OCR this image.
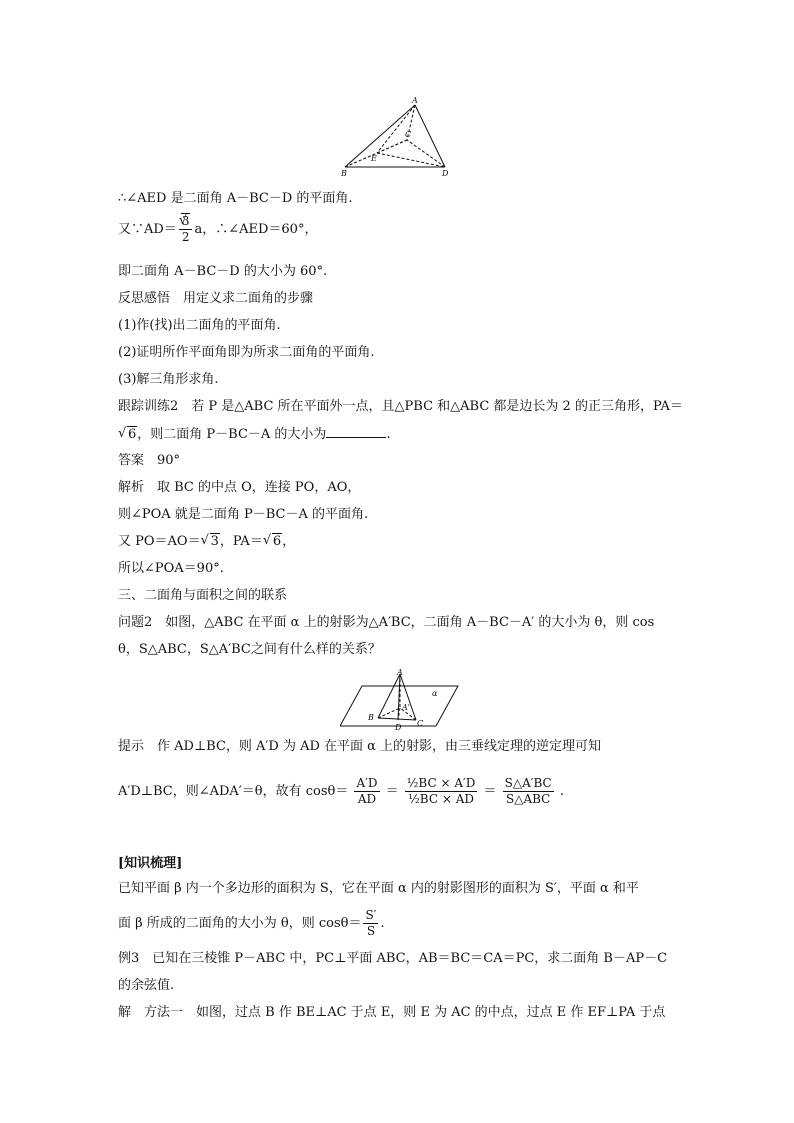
A
C
E
B	D
∴∠AED 是二面角 A－BC－D 的平面角.
又∵AD＝ √ $\frac{3}{2}$ a，∴∠AED＝60°，
即二面角 A－BC－D 的大小为 60°.
反思感悟　用定义求二面角的步骤
(1)作(找)出二面角的平面角.
(2)证明所作平面角即为所求二面角的平面角.
(3)解三角形求角.
跟踪训练2　若 P 是△ABC 所在平面外一点，且△PBC 和△ABC 都是边长为 2 的正三角形，PA＝
√ 6，则二面角 P－BC－A 的大小为	.
答案　90°
解析　取 BC 的中点 O，连接 PO，AO，
则∠POA 就是二面角 P－BC－A 的平面角.
又 PO＝AO＝ √ 3，PA＝ √ 6，
所以∠POA＝90°.
三、二面角与面积之间的联系
问题2　如图，△ABC 在平面 α 上的射影为△A′BC，二面角 A－BC－A′ 的大小为 θ，则 cos
θ，S△ABC，S△A′BC之间有什么样的关系？
A
α
B
A'
D C
提示　作 AD⊥BC，则 A′D 为 AD 在平面 α 上的射影，由三垂线定理的逆定理可知
A′D⊥BC，则∠ADA′＝θ，故有 $\cos\theta= \frac{A'D}{AD} = \frac{\text{½BC × A′D}}{\text{½BC × AD}} = \frac{S\triangle A'BC}{\text{S△ABC}}$ .
[知识梳理]
已知平面 β 内一个多边形的面积为 S，它在平面 α 内的射影图形的面积为 S′，平面 α 和平
面 β 所成的二面角的大小为 θ，则 $\cos\theta= \frac{S'}{S}$ .
例3　已知在三棱锥 P－ABC 中，PC⊥平面 ABC，AB＝BC＝CA＝PC，求二面角 B－AP－C
的余弦值.
解　方法一　如图，过点 B 作 BE⊥AC 于点 E，则 E 为 AC 的中点，过点 E 作 EF⊥PA 于点
